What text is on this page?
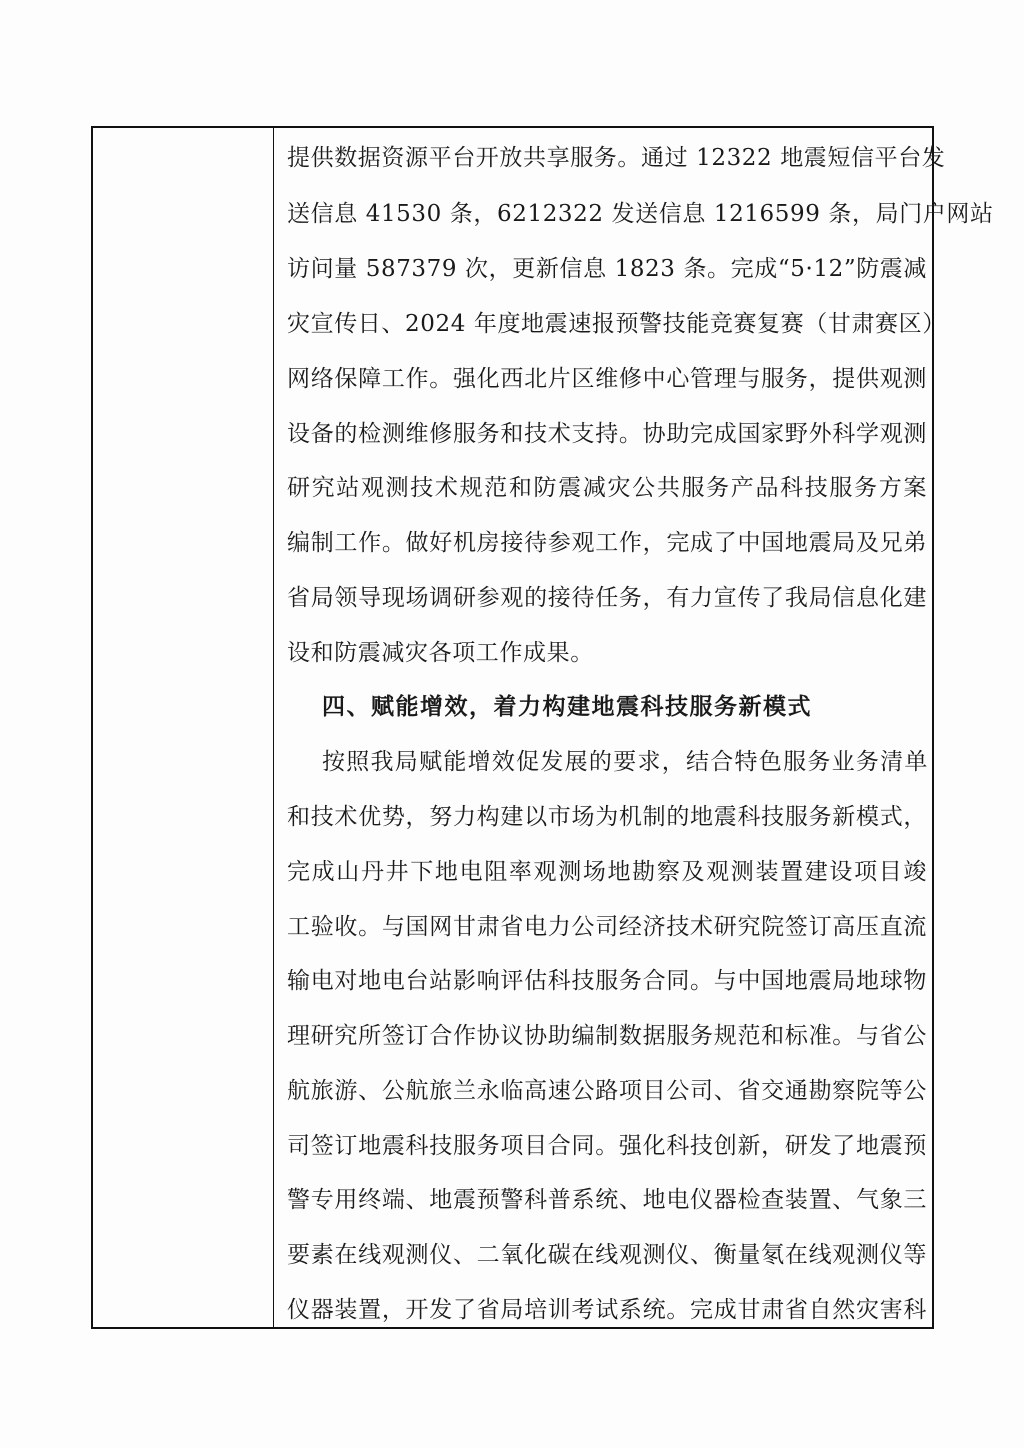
提供数据资源平台开放共享服务。通过 12322 地震短信平台发
送信息 41530 条，6212322 发送信息 1216599 条，局门户网站
访问量 587379 次，更新信息 1823 条。完成“5·12”防震减
灾宣传日、2024 年度地震速报预警技能竞赛复赛（甘肃赛区）
网络保障工作。强化西北片区维修中心管理与服务，提供观测
设备的检测维修服务和技术支持。协助完成国家野外科学观测
研究站观测技术规范和防震减灾公共服务产品科技服务方案
编制工作。做好机房接待参观工作，完成了中国地震局及兄弟
省局领导现场调研参观的接待任务，有力宣传了我局信息化建
设和防震减灾各项工作成果。
四、赋能增效，着力构建地震科技服务新模式
按照我局赋能增效促发展的要求，结合特色服务业务清单
和技术优势，努力构建以市场为机制的地震科技服务新模式，
完成山丹井下地电阻率观测场地勘察及观测装置建设项目竣
工验收。与国网甘肃省电力公司经济技术研究院签订高压直流
输电对地电台站影响评估科技服务合同。与中国地震局地球物
理研究所签订合作协议协助编制数据服务规范和标准。与省公
航旅游、公航旅兰永临高速公路项目公司、省交通勘察院等公
司签订地震科技服务项目合同。强化科技创新，研发了地震预
警专用终端、地震预警科普系统、地电仪器检查装置、气象三
要素在线观测仪、二氧化碳在线观测仪、衡量氡在线观测仪等
仪器装置，开发了省局培训考试系统。完成甘肃省自然灾害科
